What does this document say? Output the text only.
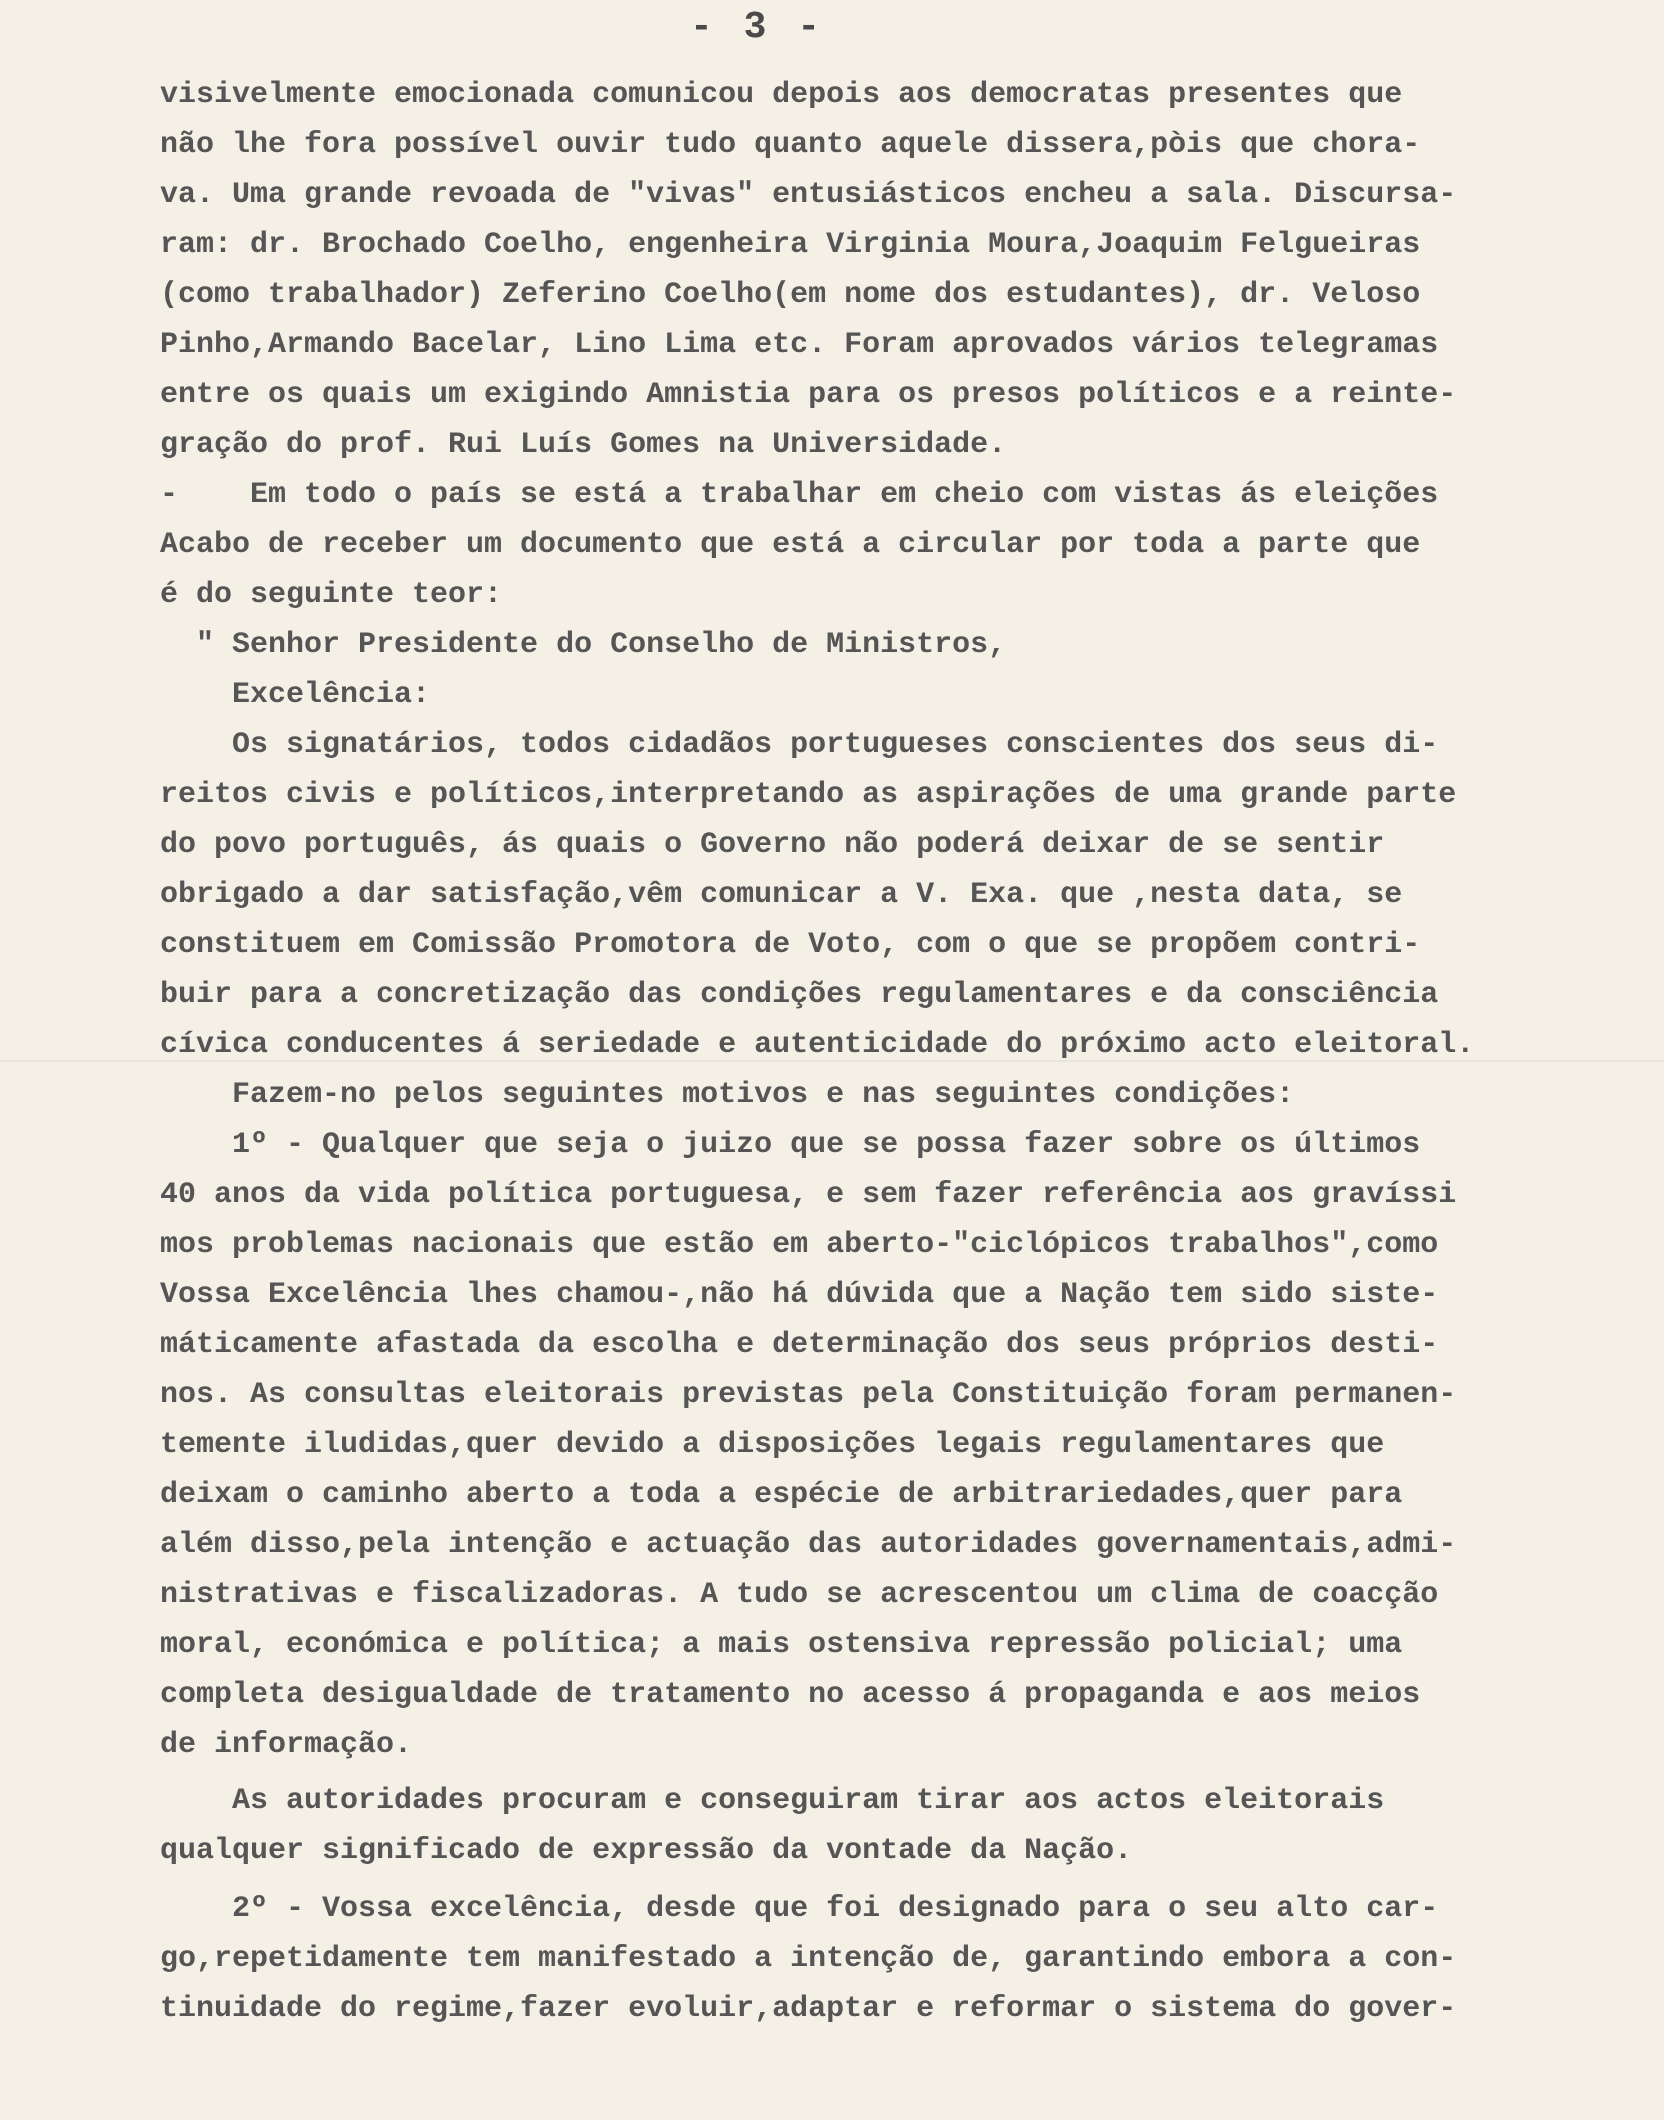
- 3 -
visivelmente emocionada comunicou depois aos democratas presentes que
não lhe fora possível ouvir tudo quanto aquele dissera,pòis que chora-
va. Uma grande revoada de "vivas" entusiásticos encheu a sala. Discursa-
ram: dr. Brochado Coelho, engenheira Virginia Moura,Joaquim Felgueiras
(como trabalhador) Zeferino Coelho(em nome dos estudantes), dr. Veloso
Pinho,Armando Bacelar, Lino Lima etc. Foram aprovados vários telegramas
entre os quais um exigindo Amnistia para os presos políticos e a reinte-
gração do prof. Rui Luís Gomes na Universidade.
-    Em todo o país se está a trabalhar em cheio com vistas ás eleições
Acabo de receber um documento que está a circular por toda a parte que
é do seguinte teor:
" Senhor Presidente do Conselho de Ministros,
Excelência:
Os signatários, todos cidadãos portugueses conscientes dos seus di-
reitos civis e políticos,interpretando as aspirações de uma grande parte
do povo português, ás quais o Governo não poderá deixar de se sentir
obrigado a dar satisfação,vêm comunicar a V. Exa. que ,nesta data, se
constituem em Comissão Promotora de Voto, com o que se propõem contri-
buir para a concretização das condições regulamentares e da consciência
cívica conducentes á seriedade e autenticidade do próximo acto eleitoral.
Fazem-no pelos seguintes motivos e nas seguintes condições:
1º - Qualquer que seja o juizo que se possa fazer sobre os últimos
40 anos da vida política portuguesa, e sem fazer referência aos gravíssi
mos problemas nacionais que estão em aberto-"ciclópicos trabalhos",como
Vossa Excelência lhes chamou-,não há dúvida que a Nação tem sido siste-
máticamente afastada da escolha e determinação dos seus próprios desti-
nos. As consultas eleitorais previstas pela Constituição foram permanen-
temente iludidas,quer devido a disposições legais regulamentares que
deixam o caminho aberto a toda a espécie de arbitrariedades,quer para
além disso,pela intenção e actuação das autoridades governamentais,admi-
nistrativas e fiscalizadoras. A tudo se acrescentou um clima de coacção
moral, económica e política; a mais ostensiva repressão policial; uma
completa desigualdade de tratamento no acesso á propaganda e aos meios
de informação.
As autoridades procuram e conseguiram tirar aos actos eleitorais
qualquer significado de expressão da vontade da Nação.
2º - Vossa excelência, desde que foi designado para o seu alto car-
go,repetidamente tem manifestado a intenção de, garantindo embora a con-
tinuidade do regime,fazer evoluir,adaptar e reformar o sistema do gover-
